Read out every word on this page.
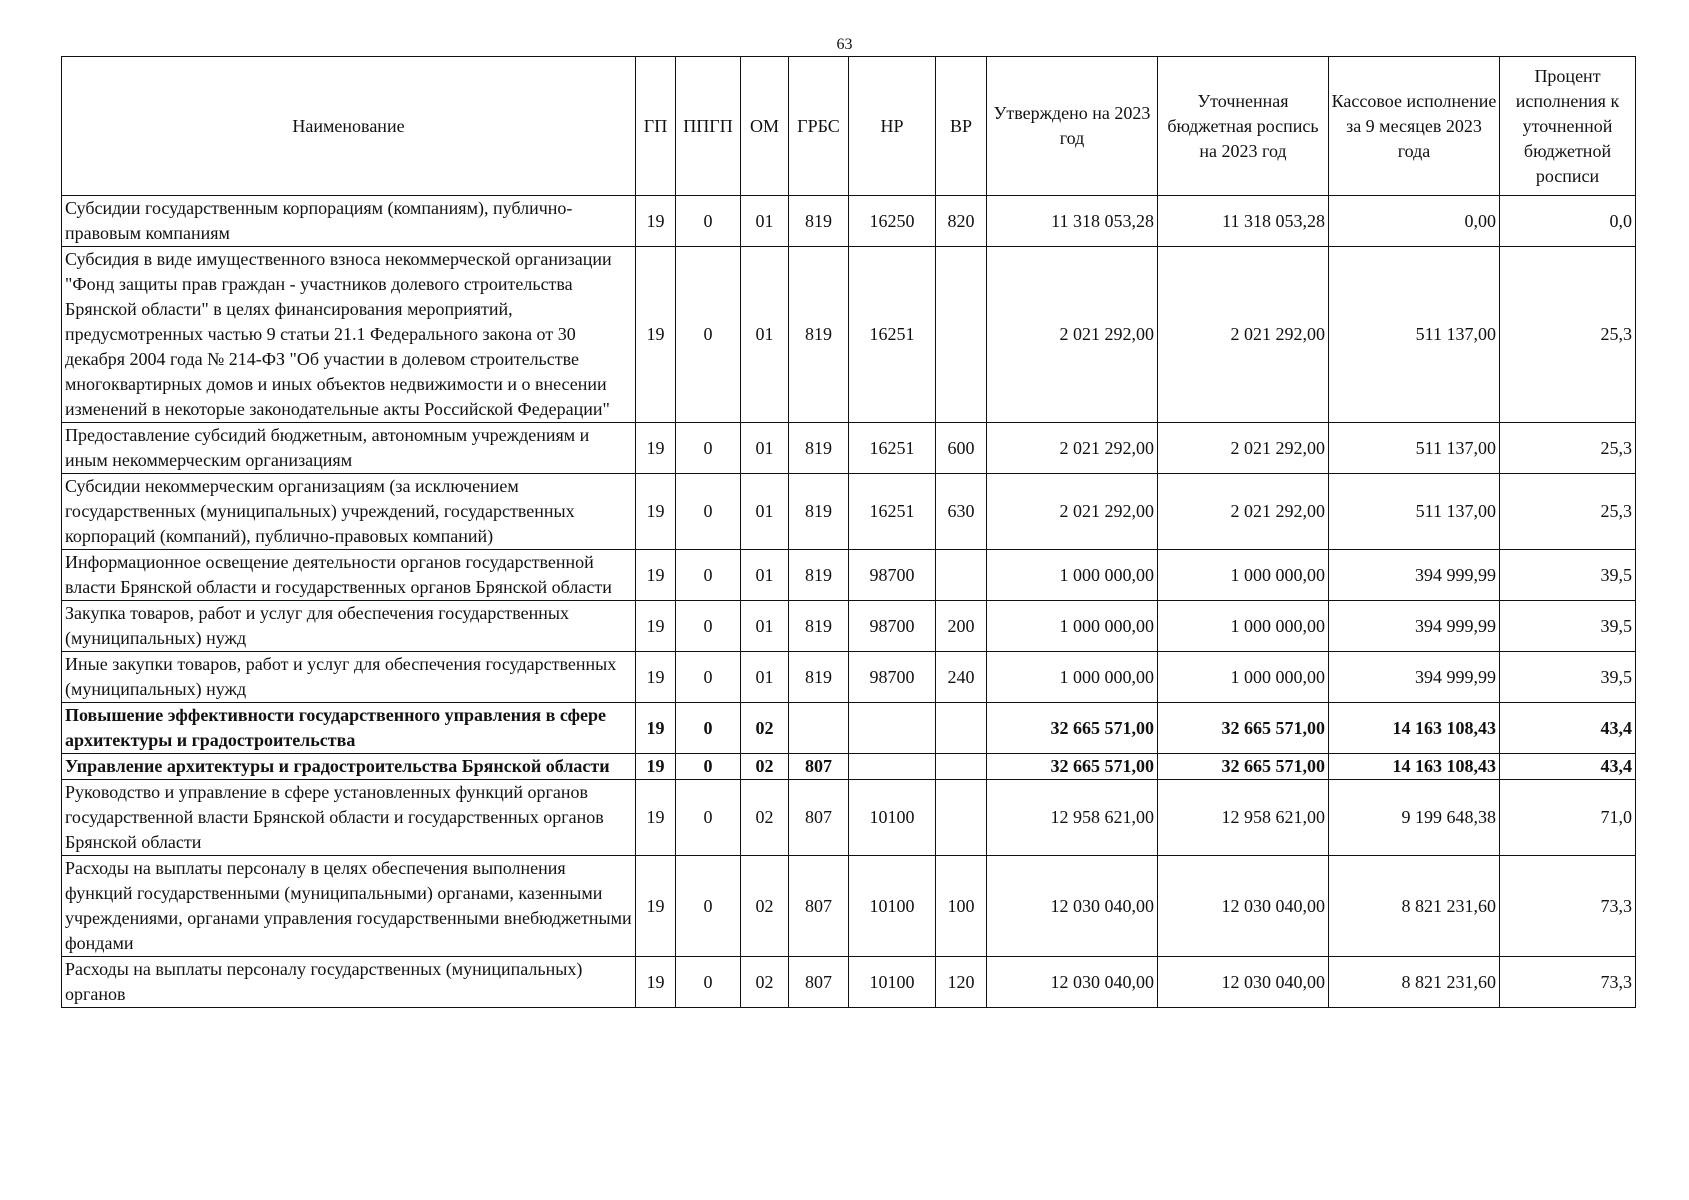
63
Наименование	ГП	ППГП	ОМ	ГРБС	НР	ВР	Утверждено на 2023 год	Уточненная бюджетная роспись на 2023 год	Кассовое исполнение за 9 месяцев 2023 года	Процент исполнения к уточненной бюджетной росписи
Субсидии государственным корпорациям (компаниям), публично-правовым компаниям	19	0	01	819	16250	820	11 318 053,28	11 318 053,28	0,00	0,0
Субсидия в виде имущественного взноса некоммерческой организации "Фонд защиты прав граждан - участников долевого строительства Брянской области" в целях финансирования мероприятий, предусмотренных частью 9 статьи 21.1 Федерального закона от 30 декабря 2004 года № 214-ФЗ "Об участии в долевом строительстве многоквартирных домов и иных объектов недвижимости и о внесении изменений в некоторые законодательные акты Российской Федерации"	19	0	01	819	16251		2 021 292,00	2 021 292,00	511 137,00	25,3
Предоставление субсидий бюджетным, автономным учреждениям и иным некоммерческим организациям	19	0	01	819	16251	600	2 021 292,00	2 021 292,00	511 137,00	25,3
Субсидии некоммерческим организациям (за исключением государственных (муниципальных) учреждений, государственных корпораций (компаний), публично-правовых компаний)	19	0	01	819	16251	630	2 021 292,00	2 021 292,00	511 137,00	25,3
Информационное освещение деятельности органов государственной власти Брянской области и государственных органов Брянской области	19	0	01	819	98700		1 000 000,00	1 000 000,00	394 999,99	39,5
Закупка товаров, работ и услуг для обеспечения государственных (муниципальных) нужд	19	0	01	819	98700	200	1 000 000,00	1 000 000,00	394 999,99	39,5
Иные закупки товаров, работ и услуг для обеспечения государственных (муниципальных) нужд	19	0	01	819	98700	240	1 000 000,00	1 000 000,00	394 999,99	39,5
Повышение эффективности государственного управления в сфере архитектуры и градостроительства	19	0	02				32 665 571,00	32 665 571,00	14 163 108,43	43,4
Управление архитектуры и градостроительства Брянской области	19	0	02	807			32 665 571,00	32 665 571,00	14 163 108,43	43,4
Руководство и управление в сфере установленных функций органов государственной власти Брянской области и государственных органов Брянской области	19	0	02	807	10100		12 958 621,00	12 958 621,00	9 199 648,38	71,0
Расходы на выплаты персоналу в целях обеспечения выполнения функций государственными (муниципальными) органами, казенными учреждениями, органами управления государственными внебюджетными фондами	19	0	02	807	10100	100	12 030 040,00	12 030 040,00	8 821 231,60	73,3
Расходы на выплаты персоналу государственных (муниципальных) органов	19	0	02	807	10100	120	12 030 040,00	12 030 040,00	8 821 231,60	73,3
